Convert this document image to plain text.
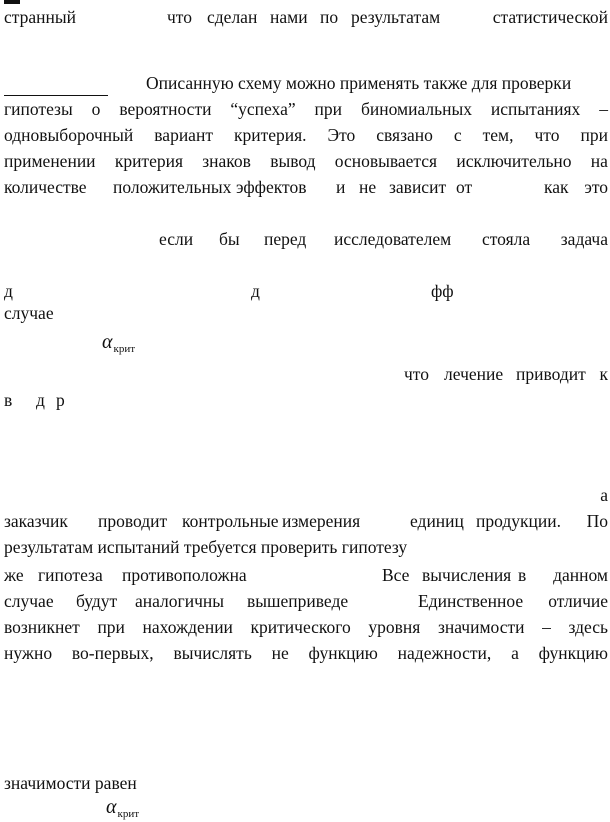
странный	что сделан нами по результатам	статистической
Описанную схему можно применять также для проверки
гипотезы о вероятности “успеха” при биномиальных испытаниях –
одновыборочный вариант критерия. Это связано с тем, что при
применении критерия знаков вывод основывается исключительно на
количестве положительных эффектов и не зависит от	как это
если бы перед исследователем стояла задача
д	д	фф
случае
$\alpha_{крит}$
что лечение приводит к
в д р
а
заказчик проводит контрольные измерения	единиц продукции. По
результатам испытаний требуется проверить гипотезу
же гипотеза противоположна	Все вычисления в данном
случае будут аналогичны вышеприведе	Единственное отличие
возникнет при нахождении критического уровня значимости – здесь
нужно во-первых, вычислять не функцию надежности, а функцию
значимости равен
$\alpha_{крит}$
